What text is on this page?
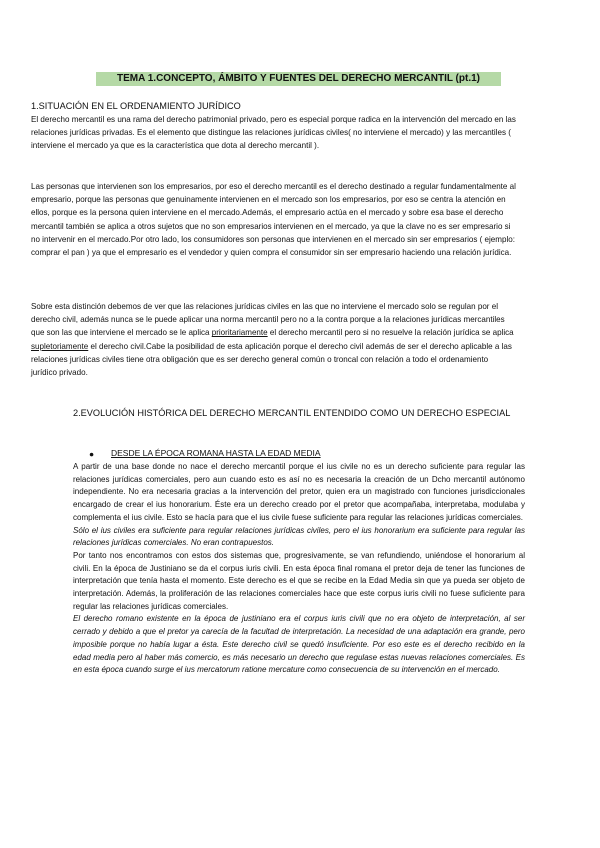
TEMA 1.CONCEPTO, ÁMBITO Y FUENTES DEL DERECHO MERCANTIL (pt.1)
1.SITUACIÓN EN EL ORDENAMIENTO JURÍDICO

El derecho mercantil es una rama del derecho patrimonial privado, pero es especial porque radica en la intervención del mercado en las relaciones jurídicas privadas. Es el elemento que distingue las relaciones jurídicas civiles( no interviene el mercado) y las mercantiles ( interviene el mercado ya que es la característica que dota al derecho mercantil ).

Las personas que intervienen son los empresarios, por eso el derecho mercantil es el derecho destinado a regular fundamentalmente al empresario, porque las personas que genuinamente intervienen en el mercado son los empresarios, por eso se centra la atención en ellos, porque es la persona quien interviene en el mercado.Además, el empresario actúa en el mercado y sobre esa base el derecho mercantil también se aplica a otros sujetos que no son empresarios intervienen en el mercado, ya que la clave no es ser empresario si no intervenir en el mercado.Por otro lado, los consumidores son personas que intervienen en el mercado sin ser empresarios ( ejemplo: comprar el pan ) ya que el empresario es el vendedor y quien compra el consumidor sin ser empresario haciendo una relación jurídica.

Sobre esta distinción debemos de ver que las relaciones jurídicas civiles en las que no interviene el mercado solo se regulan por el derecho civil, además nunca se le puede aplicar una norma mercantil pero no a la contra porque a la relaciones jurídicas mercantiles que son las que interviene el mercado se le aplica prioritariamente el derecho mercantil pero si no resuelve la relación jurídica se aplica supletoriamente el derecho civil.Cabe la posibilidad de esta aplicación porque el derecho civil además de ser el derecho aplicable a las relaciones jurídicas civiles tiene otra obligación que es ser derecho general común o troncal con relación a todo el ordenamiento jurídico privado.

2.EVOLUCIÓN HISTÓRICA DEL DERECHO MERCANTIL ENTENDIDO COMO UN DERECHO ESPECIAL
● DESDE LA ÉPOCA ROMANA HASTA LA EDAD MEDIA

A partir de una base donde no nace el derecho mercantil porque el ius civile no es un derecho suficiente para regular las relaciones jurídicas comerciales, pero aun cuando esto es así no es necesaria la creación de un Dcho mercantil autónomo independiente. No era necesaria gracias a la intervención del pretor, quien era un magistrado con funciones jurisdiccionales encargado de crear el ius honorarium. Éste era un derecho creado por el pretor que acompañaba, interpretaba, modulaba y complementa el ius civile. Esto se hacía para que el ius civile fuese suficiente para regular las relaciones jurídicas comerciales.

Sólo el ius civiles era suficiente para regular relaciones jurídicas civiles, pero el ius honorarium era suficiente para regular las relaciones jurídicas comerciales. No eran contrapuestos.

Por tanto nos encontramos con estos dos sistemas que, progresivamente, se van refundiendo, uniéndose el honorarium al civili. En la época de Justiniano se da el corpus iuris civili. En esta época final romana el pretor deja de tener las funciones de interpretación que tenía hasta el momento. Este derecho es el que se recibe en la Edad Media sin que ya pueda ser objeto de interpretación. Además, la proliferación de las relaciones comerciales hace que este corpus iuris civili no fuese suficiente para regular las relaciones jurídicas comerciales.

El derecho romano existente en la época de justiniano era el corpus iuris civili que no era objeto de interpretación, al ser cerrado y debido a que el pretor ya carecía de la facultad de interpretación. La necesidad de una adaptación era grande, pero imposible porque no había lugar a ésta. Este derecho civil se quedó insuficiente. Por eso este es el derecho recibido en la edad media pero al haber más comercio, es más necesario un derecho que regulase estas nuevas relaciones comerciales. Es en esta época cuando surge el ius mercatorum ratione mercature como consecuencia de su intervención en el mercado.
